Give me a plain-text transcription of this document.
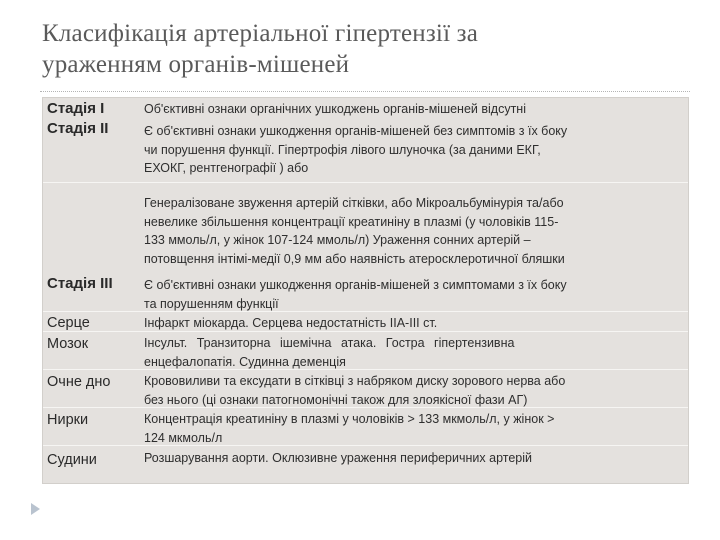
Класифікація артеріальної гіпертензії за
ураженням органів-мішеней
Стадія I	Об'єктивні ознаки органічних ушкоджень органів-мішеней відсутні
Стадія II	Є об'єктивні ознаки ушкодження органів-мішеней без симптомів з їх боку
чи порушення функції. Гіпертрофія лівого шлуночка (за даними ЕКГ,
ЕХОКГ, рентгенографії ) або
Генералізоване звуження артерій сітківки, або Мікроальбумінурія та/або
невелике збільшення концентрації креатиніну в плазмі (у чоловіків 115-
133 ммоль/л, у жінок 107-124 ммоль/л) Ураження сонних артерій –
потовщення інтімі-медії 0,9 мм або наявність атеросклеротичної бляшки
Стадія III	Є об'єктивні ознаки ушкодження органів-мішеней з симптомами з їх боку
та порушенням функції
Серце	Інфаркт міокарда. Серцева недостатність IIА-III ст.
Мозок	Інсульт. Транзиторна ішемічна атака. Гостра гіпертензивна
енцефалопатія. Судинна деменція
Очне дно	Крововиливи та ексудати в сітківці з набряком диску зорового нерва або
без нього (ці ознаки патогномонічні також для злоякісної фази АГ)
Нирки	Концентрація креатиніну в плазмі у чоловіків > 133 мкмоль/л, у жінок >
124 мкмоль/л
Судини	Розшарування аорти. Оклюзивне ураження периферичних артерій
